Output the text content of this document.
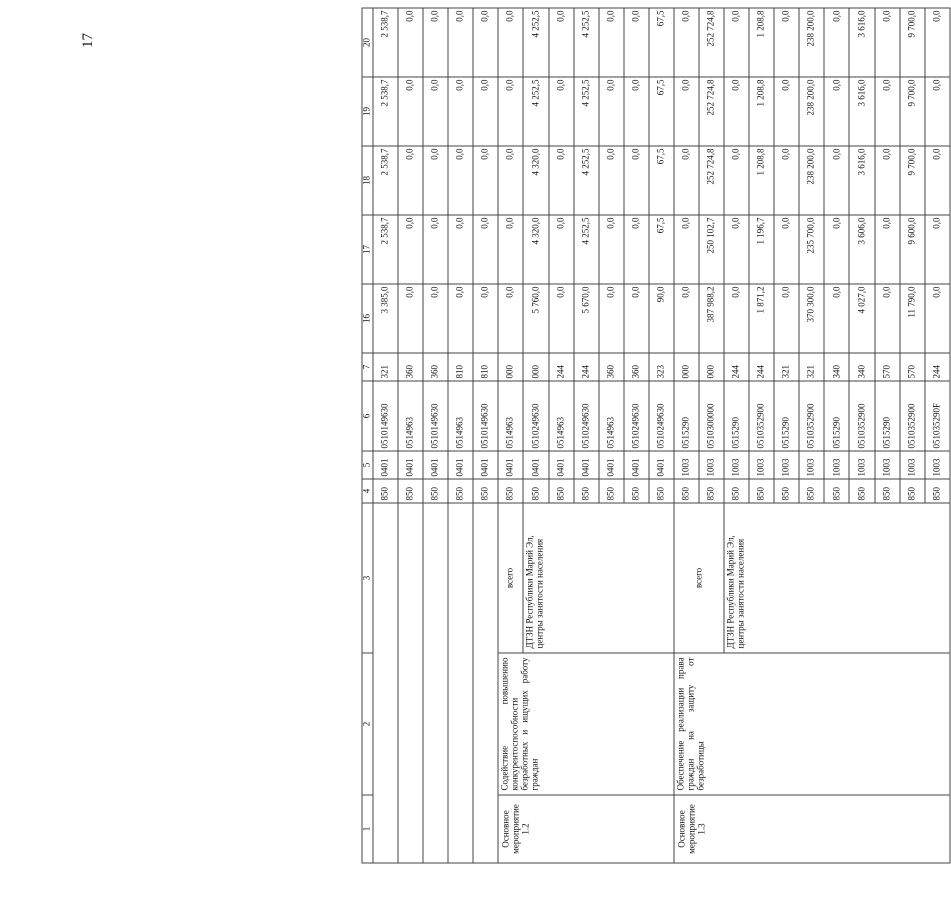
17
1	2	3	4	5	6	7	16	17	18	19	20
			850	0401	0510149630	321	3 385,0	2 538,7	2 538,7	2 538,7	2 538,7
			850	0401	0514963	360	0,0	0,0	0,0	0,0	0,0
			850	0401	0510149630	360	0,0	0,0	0,0	0,0	0,0
			850	0401	0514963	810	0,0	0,0	0,0	0,0	0,0
			850	0401	0510149630	810	0,0	0,0	0,0	0,0	0,0
Основное мероприятие 1.2	Содействие повышению конкурентоспособности безработных и ищущих работу граждан	всего	850	0401	0514963	000	0,0	0,0	0,0	0,0	0,0
		ДТЗН Республики Марий Эл, центры занятости населения	850	0401	0510249630	000	5 760,0	4 320,0	4 320,0	4 252,5	4 252,5
			850	0401	0514963	244	0,0	0,0	0,0	0,0	0,0
			850	0401	0510249630	244	5 670,0	4 252,5	4 252,5	4 252,5	4 252,5
			850	0401	0514963	360	0,0	0,0	0,0	0,0	0,0
			850	0401	0510249630	360	0,0	0,0	0,0	0,0	0,0
			850	0401	0510249630	323	90,0	67,5	67,5	67,5	67,5
Основное мероприятие 1.3	Обеспечение реализации права граждан на защиту от безработицы	всего	850	1003	0515290	000	0,0	0,0	0,0	0,0	0,0
			850	1003	0510300000	000	387 988,2	250 102,7	252 724,8	252 724,8	252 724,8
		ДТЗН Республики Марий Эл, центры занятости населения	850	1003	0515290	244	0,0	0,0	0,0	0,0	0,0
			850	1003	0510352900	244	1 871,2	1 196,7	1 208,8	1 208,8	1 208,8
			850	1003	0515290	321	0,0	0,0	0,0	0,0	0,0
			850	1003	0510352900	321	370 300,0	235 700,0	238 200,0	238 200,0	238 200,0
			850	1003	0515290	340	0,0	0,0	0,0	0,0	0,0
			850	1003	0510352900	340	4 027,0	3 606,0	3 616,0	3 616,0	3 616,0
			850	1003	0515290	570	0,0	0,0	0,0	0,0	0,0
			850	1003	0510352900	570	11 790,0	9 600,0	9 700,0	9 700,0	9 700,0
			850	1003	051035290F	244	0,0	0,0	0,0	0,0	0,0
